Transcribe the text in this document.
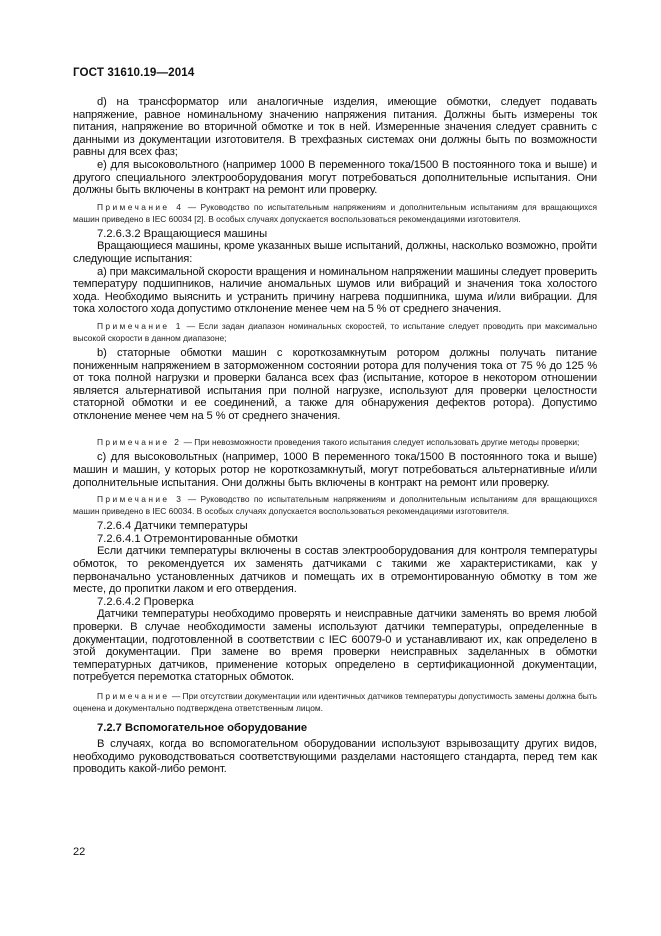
ГОСТ 31610.19—2014

d) на трансформатор или аналогичные изделия, имеющие обмотки, следует подавать напряжение, равное номинальному значению напряжения питания. Должны быть измерены ток питания, напряжение во вторичной обмотке и ток в ней. Измеренные значения следует сравнить с данными из документации изготовителя. В трехфазных системах они должны быть по возможности равны для всех фаз;

e) для высоковольтного (например 1000 В переменного тока/1500 В постоянного тока и выше) и другого специального электрооборудования могут потребоваться дополнительные испытания. Они должны быть включены в контракт на ремонт или проверку.

Примечание 4 — Руководство по испытательным напряжениям и дополнительным испытаниям для вращающихся машин приведено в IEC 60034 [2]. В особых случаях допускается воспользоваться рекомендациями изготовителя.

7.2.6.3.2 Вращающиеся машины

Вращающиеся машины, кроме указанных выше испытаний, должны, насколько возможно, пройти следующие испытания:

a) при максимальной скорости вращения и номинальном напряжении машины следует проверить температуру подшипников, наличие аномальных шумов или вибраций и значения тока холостого хода. Необходимо выяснить и устранить причину нагрева подшипника, шума и/или вибрации. Для тока холостого хода допустимо отклонение менее чем на 5 % от среднего значения.

Примечание 1 — Если задан диапазон номинальных скоростей, то испытание следует проводить при максимально высокой скорости в данном диапазоне;

b) статорные обмотки машин с короткозамкнутым ротором должны получать питание пониженным напряжением в заторможенном состоянии ротора для получения тока от 75 % до 125 % от тока полной нагрузки и проверки баланса всех фаз (испытание, которое в некотором отношении является альтернативой испытания при полной нагрузке, используют для проверки целостности статорной обмотки и ее соединений, а также для обнаружения дефектов ротора). Допустимо отклонение менее чем на 5 % от среднего значения.

Примечание 2 — При невозможности проведения такого испытания следует использовать другие методы проверки;

c) для высоковольтных (например, 1000 В переменного тока/1500 В постоянного тока и выше) машин и машин, у которых ротор не короткозамкнутый, могут потребоваться альтернативные и/или дополнительные испытания. Они должны быть включены в контракт на ремонт или проверку.

Примечание 3 — Руководство по испытательным напряжениям и дополнительным испытаниям для вращающихся машин приведено в IEC 60034. В особых случаях допускается воспользоваться рекомендациями изготовителя.

7.2.6.4 Датчики температуры

7.2.6.4.1 Отремонтированные обмотки

Если датчики температуры включены в состав электрооборудования для контроля температуры обмоток, то рекомендуется их заменять датчиками с такими же характеристиками, как у первоначально установленных датчиков и помещать их в отремонтированную обмотку в том же месте, до пропитки лаком и его отвердения.

7.2.6.4.2 Проверка

Датчики температуры необходимо проверять и неисправные датчики заменять во время любой проверки. В случае необходимости замены используют датчики температуры, определенные в документации, подготовленной в соответствии с IEC 60079-0 и устанавливают их, как определено в этой документации. При замене во время проверки неисправных заделанных в обмотки температурных датчиков, применение которых определено в сертификационной документации, потребуется перемотка статорных обмоток.

Примечание — При отсутствии документации или идентичных датчиков температуры допустимость замены должна быть оценена и документально подтверждена ответственным лицом.

7.2.7 Вспомогательное оборудование

В случаях, когда во вспомогательном оборудовании используют взрывозащиту других видов, необходимо руководствоваться соответствующими разделами настоящего стандарта, перед тем как проводить какой-либо ремонт.

22
